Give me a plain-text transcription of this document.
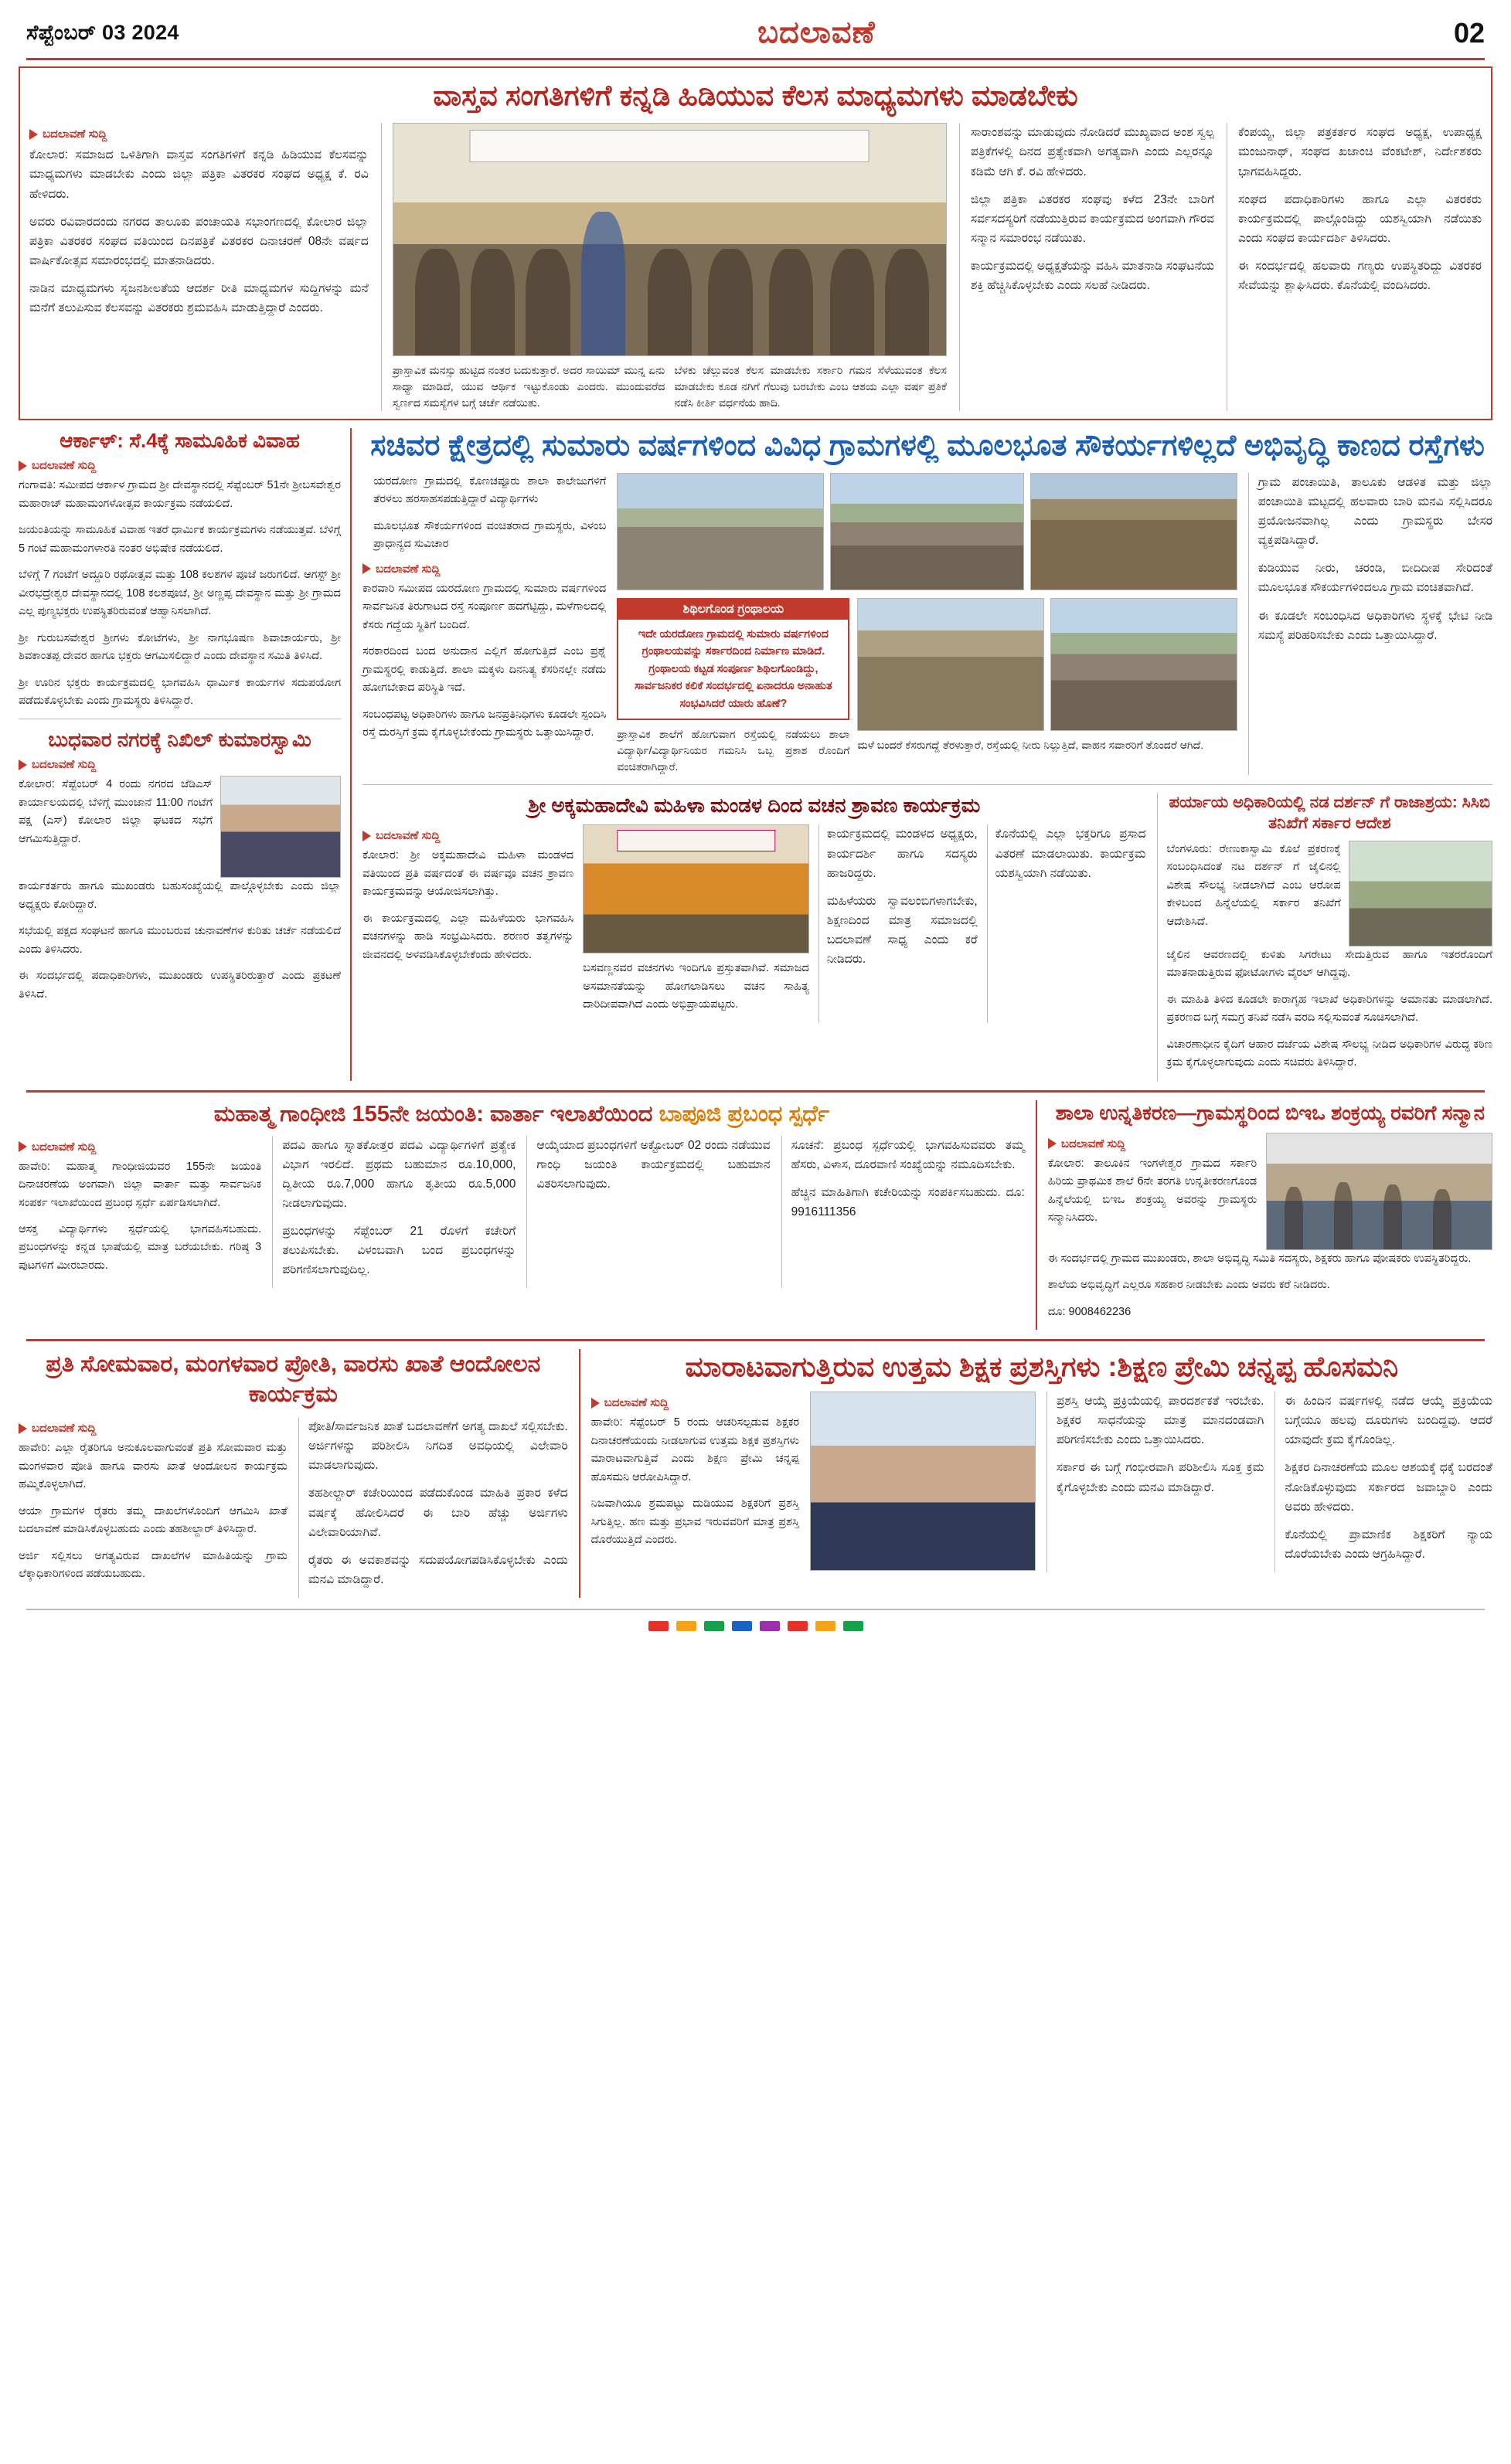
ಸೆಪ್ಟೆಂಬರ್ 03 2024	ಬದಲಾವಣೆ	02
ವಾಸ್ತವ ಸಂಗತಿಗಳಿಗೆ ಕನ್ನಡಿ ಹಿಡಿಯುವ ಕೆಲಸ ಮಾಧ್ಯಮಗಳು ಮಾಡಬೇಕು
ಬದಲಾವಣೆ ಸುದ್ದಿ

ಕೋಲಾರ: ಸಮಾಜದ ಒಳಿತಿಗಾಗಿ ವಾಸ್ತವ ಸಂಗತಿಗಳಿಗೆ ಕನ್ನಡಿ ಹಿಡಿಯುವ ಕೆಲಸವನ್ನು ಮಾಧ್ಯಮಗಳು ಮಾಡಬೇಕು ಎಂದು ಜಿಲ್ಲಾ ಪತ್ರಿಕಾ ವಿತರಕರ ಸಂಘದ ಅಧ್ಯಕ್ಷ ಕೆ. ರವಿ ಹೇಳಿದರು.

ಅವರು ರವಿವಾರದಂದು ನಗರದ ತಾಲೂಕು ಪಂಚಾಯತಿ ಸಭಾಂಗಣದಲ್ಲಿ ಕೋಲಾರ ಜಿಲ್ಲಾ ಪತ್ರಿಕಾ ವಿತರಕರ ಸಂಘದ ವತಿಯಿಂದ ದಿನಪತ್ರಿಕೆ ವಿತರಕರ ದಿನಾಚರಣೆ 08ನೇ ವರ್ಷದ ವಾರ್ಷಿಕೋತ್ಸವ ಸಮಾರಂಭದಲ್ಲಿ ಮಾತನಾಡಿದರು.

ನಾಡಿನ ಮಾಧ್ಯಮಗಳು ಸೃಜನಶೀಲತೆಯ ಆದರ್ಶ ರೀತಿ ಮಾಧ್ಯಮಗಳ ಸುದ್ದಿಗಳನ್ನು ಮನೆ ಮನೆಗೆ ತಲುಪಿಸುವ ಕೆಲಸವನ್ನು ವಿತರಕರು ಶ್ರಮವಹಿಸಿ ಮಾಡುತ್ತಿದ್ದಾರೆ ಎಂದರು.

ಪ್ರಾಸ್ತಾವಿಕ ಮನಸ್ಸು ಹುಟ್ಟಿದ ನಂತರ ಬದುಕುತ್ತಾರೆ. ಅದರ ಸಾಯಿಮ್ ಮುನ್ನ ಏನು ಸಾಧ್ಯಾ ಮಾಡಿದೆ, ಯುವ ಆರ್ಥಿಕ ಇಟ್ಟುಕೊಂಡು ಎಂದರು. ಮುಂದುವರೆದ ಸ್ವರ್ಣದ ಸಮಸ್ಯೆಗಳ ಬಗ್ಗೆ ಚರ್ಚೆ ನಡೆಯಿತು.
ಬೆಳಕು ಚೆಲ್ಲುವಂತ ಕೆಲಸ ಮಾಡಬೇಕು ಸರ್ಕಾರಿ ಗಮನ ಸೆಳೆಯುವಂತ ಕೆಲಸ ಮಾಡಬೇಕು ಕೂಡ ನಗಿಗೆ ಗೆಲುವು ಬರಬೇಕು ಎಂಬ ಆಶಯ ಎಲ್ಲಾ ವರ್ಷ ಪ್ರತಿಕೆ ನಡೆಸಿ ಕೀರ್ತಿ ವರ್ಧನೆಯ ಹಾದಿ.

ಸಾರಾಂಶವನ್ನು ಮಾಡುವುದು ನೋಡಿದರೆ ಮುಖ್ಯವಾದ ಅಂಶ ಸ್ವಲ್ಪ ಪತ್ರಿಕೆಗಳಲ್ಲಿ ದಿನದ ಪ್ರತ್ಯೇಕವಾಗಿ ಅಗತ್ಯವಾಗಿ ಎಂದು ಎಲ್ಲರನ್ನೂ ಕಡಿಮೆ ಆಗಿ ಕೆ. ರವಿ ಹೇಳಿದರು.

ಜಿಲ್ಲಾ ಪತ್ರಿಕಾ ವಿತರಕರ ಸಂಘವು ಕಳೆದ 23ನೇ ಬಾರಿಗೆ ಸರ್ವಸದಸ್ಯರಿಗೆ ನಡೆಯುತ್ತಿರುವ ಕಾರ್ಯಕ್ರಮದ ಅಂಗವಾಗಿ ಗೌರವ ಸನ್ಮಾನ ಸಮಾರಂಭ ನಡೆಯಿತು.

ಕಾರ್ಯಕ್ರಮದಲ್ಲಿ ಅಧ್ಯಕ್ಷತೆಯನ್ನು ವಹಿಸಿ ಮಾತನಾಡಿ ಸಂಘಟನೆಯ ಶಕ್ತಿ ಹೆಚ್ಚಿಸಿಕೊಳ್ಳಬೇಕು ಎಂದು ಸಲಹೆ ನೀಡಿದರು.

ಕೆಂಪಯ್ಯ, ಜಿಲ್ಲಾ ಪತ್ರಕರ್ತರ ಸಂಘದ ಅಧ್ಯಕ್ಷ, ಉಪಾಧ್ಯಕ್ಷ ಮಂಜುನಾಥ್, ಸಂಘದ ಖಜಾಂಚಿ ವೆಂಕಟೇಶ್, ನಿರ್ದೇಶಕರು ಭಾಗವಹಿಸಿದ್ದರು.

ಸಂಘದ ಪದಾಧಿಕಾರಿಗಳು ಹಾಗೂ ಎಲ್ಲಾ ವಿತರಕರು ಕಾರ್ಯಕ್ರಮದಲ್ಲಿ ಪಾಲ್ಗೊಂಡಿದ್ದು ಯಶಸ್ವಿಯಾಗಿ ನಡೆಯಿತು ಎಂದು ಸಂಘದ ಕಾರ್ಯದರ್ಶಿ ತಿಳಿಸಿದರು.

ಈ ಸಂದರ್ಭದಲ್ಲಿ ಹಲವಾರು ಗಣ್ಯರು ಉಪಸ್ಥಿತರಿದ್ದು ವಿತರಕರ ಸೇವೆಯನ್ನು ಶ್ಲಾಘಿಸಿದರು. ಕೊನೆಯಲ್ಲಿ ವಂದಿಸಿದರು.

ಆರ್ಕಾಳ್: ಸೆ.4ಕ್ಕೆ ಸಾಮೂಹಿಕ ವಿವಾಹ
ಬದಲಾವಣೆ ಸುದ್ದಿ

ಗಂಗಾವತಿ: ಸಮೀಪದ ಆರ್ಕಾಳ ಗ್ರಾಮದ ಶ್ರೀ ದೇವಸ್ಥಾನದಲ್ಲಿ ಸೆಪ್ಟೆಂಬರ್ 51ನೇ ಶ್ರೀಬಸವೇಶ್ವರ ಮಹಾರಾಜ್ ಮಹಾಮಂಗಳೋತ್ಸವ ಕಾರ್ಯಕ್ರಮ ನಡೆಯಲಿದೆ.

ಜಯಂತಿಯನ್ನು ಸಾಮೂಹಿಕ ವಿವಾಹ ಇತರೆ ಧಾರ್ಮಿಕ ಕಾರ್ಯಕ್ರಮಗಳು ನಡೆಯುತ್ತವೆ. ಬೆಳಿಗ್ಗೆ 5 ಗಂಟೆ ಮಹಾಮಂಗಳಾರತಿ ನಂತರ ಅಭಿಷೇಕ ನಡೆಯಲಿದೆ.

ಬೆಳಿಗ್ಗೆ 7 ಗಂಟೆಗೆ ಅದ್ದೂರಿ ರಥೋತ್ಸವ ಮತ್ತು 108 ಕಲಶಗಳ ಪೂಜೆ ಜರುಗಲಿದೆ. ಆಗಸ್ಟ್ ಶ್ರೀ ವೀರಭದ್ರೇಶ್ವರ ದೇವಸ್ಥಾನದಲ್ಲಿ 108 ಕಲಶಪೂಜೆ, ಶ್ರೀ ಅಣ್ಣಪ್ಪ ದೇವಸ್ಥಾನ ಮತ್ತು ಶ್ರೀ ಗ್ರಾಮದ ಎಲ್ಲ ಪುಣ್ಯಭಕ್ತರು ಉಪಸ್ಥಿತರಿರುವಂತೆ ಆಹ್ವಾನಿಸಲಾಗಿದೆ.

ಶ್ರೀ ಗುರುಬಸವೇಶ್ವರ ಶ್ರೀಗಳು ಕೋಟೆಗಳು, ಶ್ರೀ ನಾಗಭೂಷಣ ಶಿವಾಚಾರ್ಯರು, ಶ್ರೀ ಶಿವಕಾಂತಪ್ಪ ದೇವರ ಹಾಗೂ ಭಕ್ತರು ಆಗಮಿಸಲಿದ್ದಾರೆ ಎಂದು ದೇವಸ್ಥಾನ ಸಮಿತಿ ತಿಳಿಸಿದೆ.

ಶ್ರೀ ಊರಿನ ಭಕ್ತರು ಕಾರ್ಯಕ್ರಮದಲ್ಲಿ ಭಾಗವಹಿಸಿ ಧಾರ್ಮಿಕ ಕಾರ್ಯಗಳ ಸದುಪಯೋಗ ಪಡೆದುಕೊಳ್ಳಬೇಕು ಎಂದು ಗ್ರಾಮಸ್ಥರು ತಿಳಿಸಿದ್ದಾರೆ.

ಬುಧವಾರ ನಗರಕ್ಕೆ ನಿಖಿಲ್ ಕುಮಾರಸ್ವಾಮಿ
ಬದಲಾವಣೆ ಸುದ್ದಿ

ಕೋಲಾರ: ಸೆಪ್ಟೆಂಬರ್ 4 ರಂದು ನಗರದ ಜೆಡಿಎಸ್ ಕಾರ್ಯಾಲಯದಲ್ಲಿ ಬೆಳಿಗ್ಗೆ ಮುಂಜಾನೆ 11:00 ಗಂಟೆಗೆ ಪಕ್ಷ (ಎಸ್) ಕೋಲಾರ ಜಿಲ್ಲಾ ಘಟಕದ ಸಭೆಗೆ ಆಗಮಿಸುತ್ತಿದ್ದಾರೆ.

ಕಾರ್ಯಕರ್ತರು ಹಾಗೂ ಮುಖಂಡರು ಬಹುಸಂಖ್ಯೆಯಲ್ಲಿ ಪಾಲ್ಗೊಳ್ಳಬೇಕು ಎಂದು ಜಿಲ್ಲಾ ಅಧ್ಯಕ್ಷರು ಕೋರಿದ್ದಾರೆ.

ಸಭೆಯಲ್ಲಿ ಪಕ್ಷದ ಸಂಘಟನೆ ಹಾಗೂ ಮುಂಬರುವ ಚುನಾವಣೆಗಳ ಕುರಿತು ಚರ್ಚೆ ನಡೆಯಲಿದೆ ಎಂದು ತಿಳಿಸಿದರು.

ಈ ಸಂದರ್ಭದಲ್ಲಿ ಪದಾಧಿಕಾರಿಗಳು, ಮುಖಂಡರು ಉಪಸ್ಥಿತರಿರುತ್ತಾರೆ ಎಂದು ಪ್ರಕಟಣೆ ತಿಳಿಸಿದೆ.

ಸಚಿವರ ಕ್ಷೇತ್ರದಲ್ಲಿ ಸುಮಾರು ವರ್ಷಗಳಿಂದ ವಿವಿಧ ಗ್ರಾಮಗಳಲ್ಲಿ ಮೂಲಭೂತ ಸೌಕರ್ಯಗಳಿಲ್ಲದೆ ಅಭಿವೃದ್ಧಿ ಕಾಣದ ರಸ್ತೆಗಳು

ಯರದೋಣ ಗ್ರಾಮದಲ್ಲಿ ಕೊಣಚಪ್ಪೂರು ಶಾಲಾ ಕಾಲೇಜುಗಳಿಗೆ ತೆರಳಲು ಹರಸಾಹಸಪಡುತ್ತಿದ್ದಾರೆ ವಿದ್ಯಾರ್ಥಿಗಳು

ಮೂಲಭೂತ ಸೌಕರ್ಯಗಳಿಂದ ವಂಚಿತರಾದ ಗ್ರಾಮಸ್ಥರು, ವಿಳಂಬ ಪ್ರಾಧಾನ್ಯದ ಸುವಿಚಾರ

ಬದಲಾವಣೆ ಸುದ್ದಿ

ಕಾರವಾರಿ ಸಮೀಪದ ಯರದೋಣ ಗ್ರಾಮದಲ್ಲಿ ಸುಮಾರು ವರ್ಷಗಳಿಂದ ಸಾರ್ವಜನಿಕ ತಿರುಗಾಟದ ರಸ್ತೆ ಸಂಪೂರ್ಣ ಹದಗೆಟ್ಟಿದ್ದು, ಮಳೆಗಾಲದಲ್ಲಿ ಕೆಸರು ಗದ್ದೆಯ ಸ್ಥಿತಿಗೆ ಬಂದಿದೆ.

ಸರಕಾರದಿಂದ ಬಂದ ಅನುದಾನ ಎಲ್ಲಿಗೆ ಹೋಗುತ್ತಿದೆ ಎಂಬ ಪ್ರಶ್ನೆ ಗ್ರಾಮಸ್ಥರಲ್ಲಿ ಕಾಡುತ್ತಿದೆ. ಶಾಲಾ ಮಕ್ಕಳು ದಿನನಿತ್ಯ ಕೆಸರಿನಲ್ಲೇ ನಡೆದು ಹೋಗಬೇಕಾದ ಪರಿಸ್ಥಿತಿ ಇದೆ.

ಸಂಬಂಧಪಟ್ಟ ಅಧಿಕಾರಿಗಳು ಹಾಗೂ ಜನಪ್ರತಿನಿಧಿಗಳು ಕೂಡಲೇ ಸ್ಪಂದಿಸಿ ರಸ್ತೆ ದುರಸ್ತಿಗೆ ಕ್ರಮ ಕೈಗೊಳ್ಳಬೇಕೆಂದು ಗ್ರಾಮಸ್ಥರು ಒತ್ತಾಯಿಸಿದ್ದಾರೆ.

ಶಿಥಿಲಗೊಂಡ ಗ್ರಂಥಾಲಯ
ಇದೇ ಯರದೋಣ ಗ್ರಾಮದಲ್ಲಿ ಸುಮಾರು ವರ್ಷಗಳಿಂದ ಗ್ರಂಥಾಲಯವನ್ನು ಸರ್ಕಾರದಿಂದ ನಿರ್ಮಾಣ ಮಾಡಿದೆ. ಗ್ರಂಥಾಲಯ ಕಟ್ಟಡ ಸಂಪೂರ್ಣ ಶಿಥಿಲಗೊಂಡಿದ್ದು, ಸಾರ್ವಜನಿಕರ ಕಲಿಕೆ ಸಂದರ್ಭದಲ್ಲಿ ಏನಾದರೂ ಅನಾಹುತ ಸಂಭವಿಸಿದರೆ ಯಾರು ಹೊಣೆ?
ಪ್ರಾಸ್ತಾವಿಕ ಶಾಲೆಗೆ ಹೋಗುವಾಗ ರಸ್ತೆಯಲ್ಲಿ ನಡೆಯಲು ಶಾಲಾ ವಿದ್ಯಾರ್ಥಿ/ವಿದ್ಯಾರ್ಥಿನಿಯರ ಗಮನಿಸಿ ಒಬ್ಬ ಪ್ರಕಾಶ ರೊಂದಿಗೆ ವಂಚಿತರಾಗಿದ್ದಾರೆ.
ಮಳೆ ಬಂದರೆ ಕೆಸರುಗದ್ದೆ ತೆರಳುತ್ತಾರೆ, ರಸ್ತೆಯಲ್ಲಿ ನೀರು ನಿಲ್ಲುತ್ತಿದೆ, ವಾಹನ ಸವಾರರಿಗೆ ತೊಂದರೆ ಆಗಿದೆ.

ಗ್ರಾಮ ಪಂಚಾಯಿತಿ, ತಾಲೂಕು ಆಡಳಿತ ಮತ್ತು ಜಿಲ್ಲಾ ಪಂಚಾಯಿತಿ ಮಟ್ಟದಲ್ಲಿ ಹಲವಾರು ಬಾರಿ ಮನವಿ ಸಲ್ಲಿಸಿದರೂ ಪ್ರಯೋಜನವಾಗಿಲ್ಲ ಎಂದು ಗ್ರಾಮಸ್ಥರು ಬೇಸರ ವ್ಯಕ್ತಪಡಿಸಿದ್ದಾರೆ.

ಕುಡಿಯುವ ನೀರು, ಚರಂಡಿ, ಬೀದಿದೀಪ ಸೇರಿದಂತೆ ಮೂಲಭೂತ ಸೌಕರ್ಯಗಳಿಂದಲೂ ಗ್ರಾಮ ವಂಚಿತವಾಗಿದೆ.

ಈ ಕೂಡಲೇ ಸಂಬಂಧಿಸಿದ ಅಧಿಕಾರಿಗಳು ಸ್ಥಳಕ್ಕೆ ಭೇಟಿ ನೀಡಿ ಸಮಸ್ಯೆ ಪರಿಹರಿಸಬೇಕು ಎಂದು ಒತ್ತಾಯಿಸಿದ್ದಾರೆ.

ಶ್ರೀ ಅಕ್ಕಮಹಾದೇವಿ ಮಹಿಳಾ ಮಂಡಳ ದಿಂದ ವಚನ ಶ್ರಾವಣ ಕಾರ್ಯಕ್ರಮ
ಬದಲಾವಣೆ ಸುದ್ದಿ

ಕೋಲಾರ: ಶ್ರೀ ಅಕ್ಕಮಹಾದೇವಿ ಮಹಿಳಾ ಮಂಡಳದ ವತಿಯಿಂದ ಪ್ರತಿ ವರ್ಷದಂತೆ ಈ ವರ್ಷವೂ ವಚನ ಶ್ರಾವಣ ಕಾರ್ಯಕ್ರಮವನ್ನು ಆಯೋಜಿಸಲಾಗಿತ್ತು.

ಈ ಕಾರ್ಯಕ್ರಮದಲ್ಲಿ ಎಲ್ಲಾ ಮಹಿಳೆಯರು ಭಾಗವಹಿಸಿ ವಚನಗಳನ್ನು ಹಾಡಿ ಸಂಭ್ರಮಿಸಿದರು. ಶರಣರ ತತ್ವಗಳನ್ನು ಜೀವನದಲ್ಲಿ ಅಳವಡಿಸಿಕೊಳ್ಳಬೇಕೆಂದು ಹೇಳಿದರು.

ಬಸವಣ್ಣನವರ ವಚನಗಳು ಇಂದಿಗೂ ಪ್ರಸ್ತುತವಾಗಿವೆ. ಸಮಾಜದ ಅಸಮಾನತೆಯನ್ನು ಹೋಗಲಾಡಿಸಲು ವಚನ ಸಾಹಿತ್ಯ ದಾರಿದೀಪವಾಗಿದೆ ಎಂದು ಅಭಿಪ್ರಾಯಪಟ್ಟರು.

ಕಾರ್ಯಕ್ರಮದಲ್ಲಿ ಮಂಡಳದ ಅಧ್ಯಕ್ಷರು, ಕಾರ್ಯದರ್ಶಿ ಹಾಗೂ ಸದಸ್ಯರು ಹಾಜರಿದ್ದರು.

ಮಹಿಳೆಯರು ಸ್ವಾವಲಂಬಿಗಳಾಗಬೇಕು, ಶಿಕ್ಷಣದಿಂದ ಮಾತ್ರ ಸಮಾಜದಲ್ಲಿ ಬದಲಾವಣೆ ಸಾಧ್ಯ ಎಂದು ಕರೆ ನೀಡಿದರು.

ಕೊನೆಯಲ್ಲಿ ಎಲ್ಲಾ ಭಕ್ತರಿಗೂ ಪ್ರಸಾದ ವಿತರಣೆ ಮಾಡಲಾಯಿತು. ಕಾರ್ಯಕ್ರಮ ಯಶಸ್ವಿಯಾಗಿ ನಡೆಯಿತು.

ಪರ್ಯಾಯ ಅಧಿಕಾರಿಯಲ್ಲಿ ನಡ ದರ್ಶನ್ ಗೆ ರಾಜಾಶ್ರಯ: ಸಿಸಿಬಿ ತನಿಖೆಗೆ ಸರ್ಕಾರ ಆದೇಶ

ಬೆಂಗಳೂರು: ರೇಣುಕಾಸ್ವಾಮಿ ಕೊಲೆ ಪ್ರಕರಣಕ್ಕೆ ಸಂಬಂಧಿಸಿದಂತೆ ನಟ ದರ್ಶನ್ ಗೆ ಜೈಲಿನಲ್ಲಿ ವಿಶೇಷ ಸೌಲಭ್ಯ ನೀಡಲಾಗಿದೆ ಎಂಬ ಆರೋಪ ಕೇಳಿಬಂದ ಹಿನ್ನೆಲೆಯಲ್ಲಿ ಸರ್ಕಾರ ತನಿಖೆಗೆ ಆದೇಶಿಸಿದೆ.

ಜೈಲಿನ ಆವರಣದಲ್ಲಿ ಕುಳಿತು ಸಿಗರೇಟು ಸೇದುತ್ತಿರುವ ಹಾಗೂ ಇತರರೊಂದಿಗೆ ಮಾತನಾಡುತ್ತಿರುವ ಫೋಟೋಗಳು ವೈರಲ್ ಆಗಿದ್ದವು.

ಈ ಮಾಹಿತಿ ತಿಳಿದ ಕೂಡಲೇ ಕಾರಾಗೃಹ ಇಲಾಖೆ ಅಧಿಕಾರಿಗಳನ್ನು ಅಮಾನತು ಮಾಡಲಾಗಿದೆ. ಪ್ರಕರಣದ ಬಗ್ಗೆ ಸಮಗ್ರ ತನಿಖೆ ನಡೆಸಿ ವರದಿ ಸಲ್ಲಿಸುವಂತೆ ಸೂಚಿಸಲಾಗಿದೆ.

ವಿಚಾರಣಾಧೀನ ಕೈದಿಗೆ ಆಹಾರ ದರ್ಜೆಯ ವಿಶೇಷ ಸೌಲಭ್ಯ ನೀಡಿದ ಅಧಿಕಾರಿಗಳ ವಿರುದ್ಧ ಕಠಿಣ ಕ್ರಮ ಕೈಗೊಳ್ಳಲಾಗುವುದು ಎಂದು ಸಚಿವರು ತಿಳಿಸಿದ್ದಾರೆ.

ಮಹಾತ್ಮ ಗಾಂಧೀಜಿ 155ನೇ ಜಯಂತಿ: ವಾರ್ತಾ ಇಲಾಖೆಯಿಂದ ಬಾಪೂಜಿ ಪ್ರಬಂಧ ಸ್ಪರ್ಧೆ
ಬದಲಾವಣೆ ಸುದ್ದಿ

ಹಾವೇರಿ: ಮಹಾತ್ಮ ಗಾಂಧೀಜಿಯವರ 155ನೇ ಜಯಂತಿ ದಿನಾಚರಣೆಯ ಅಂಗವಾಗಿ ಜಿಲ್ಲಾ ವಾರ್ತಾ ಮತ್ತು ಸಾರ್ವಜನಿಕ ಸಂಪರ್ಕ ಇಲಾಖೆಯಿಂದ ಪ್ರಬಂಧ ಸ್ಪರ್ಧೆ ಏರ್ಪಡಿಸಲಾಗಿದೆ.

ಆಸಕ್ತ ವಿದ್ಯಾರ್ಥಿಗಳು ಸ್ಪರ್ಧೆಯಲ್ಲಿ ಭಾಗವಹಿಸಬಹುದು. ಪ್ರಬಂಧಗಳನ್ನು ಕನ್ನಡ ಭಾಷೆಯಲ್ಲಿ ಮಾತ್ರ ಬರೆಯಬೇಕು. ಗರಿಷ್ಠ 3 ಪುಟಗಳಿಗೆ ಮೀರಬಾರದು.

ಪದವಿ ಹಾಗೂ ಸ್ನಾತಕೋತ್ತರ ಪದವಿ ವಿದ್ಯಾರ್ಥಿಗಳಿಗೆ ಪ್ರತ್ಯೇಕ ವಿಭಾಗ ಇರಲಿದೆ. ಪ್ರಥಮ ಬಹುಮಾನ ರೂ.10,000, ದ್ವಿತೀಯ ರೂ.7,000 ಹಾಗೂ ತೃತೀಯ ರೂ.5,000 ನೀಡಲಾಗುವುದು.

ಪ್ರಬಂಧಗಳನ್ನು ಸೆಪ್ಟೆಂಬರ್ 21 ರೊಳಗೆ ಕಚೇರಿಗೆ ತಲುಪಿಸಬೇಕು. ವಿಳಂಬವಾಗಿ ಬಂದ ಪ್ರಬಂಧಗಳನ್ನು ಪರಿಗಣಿಸಲಾಗುವುದಿಲ್ಲ.

ಆಯ್ಕೆಯಾದ ಪ್ರಬಂಧಗಳಿಗೆ ಅಕ್ಟೋಬರ್ 02 ರಂದು ನಡೆಯುವ ಗಾಂಧಿ ಜಯಂತಿ ಕಾರ್ಯಕ್ರಮದಲ್ಲಿ ಬಹುಮಾನ ವಿತರಿಸಲಾಗುವುದು.

ಸೂಚನೆ: ಪ್ರಬಂಧ ಸ್ಪರ್ಧೆಯಲ್ಲಿ ಭಾಗವಹಿಸುವವರು ತಮ್ಮ ಹೆಸರು, ವಿಳಾಸ, ದೂರವಾಣಿ ಸಂಖ್ಯೆಯನ್ನು ನಮೂದಿಸಬೇಕು.

ಹೆಚ್ಚಿನ ಮಾಹಿತಿಗಾಗಿ ಕಚೇರಿಯನ್ನು ಸಂಪರ್ಕಿಸಬಹುದು. ದೂ: 9916111356

ಶಾಲಾ ಉನ್ನತಿಕರಣ—ಗ್ರಾಮಸ್ಥರಿಂದ ಬಿಇಒ ಶಂಕ್ರಯ್ಯ ರವರಿಗೆ ಸನ್ಮಾನ
ಬದಲಾವಣೆ ಸುದ್ದಿ

ಕೋಲಾರ: ತಾಲೂಕಿನ ಇಂಗಳೇಶ್ವರ ಗ್ರಾಮದ ಸರ್ಕಾರಿ ಹಿರಿಯ ಪ್ರಾಥಮಿಕ ಶಾಲೆ 6ನೇ ತರಗತಿ ಉನ್ನತೀಕರಣಗೊಂಡ ಹಿನ್ನೆಲೆಯಲ್ಲಿ ಬಿಇಒ ಶಂಕ್ರಯ್ಯ ಅವರನ್ನು ಗ್ರಾಮಸ್ಥರು ಸನ್ಮಾನಿಸಿದರು.

ಈ ಸಂದರ್ಭದಲ್ಲಿ ಗ್ರಾಮದ ಮುಖಂಡರು, ಶಾಲಾ ಅಭಿವೃದ್ಧಿ ಸಮಿತಿ ಸದಸ್ಯರು, ಶಿಕ್ಷಕರು ಹಾಗೂ ಪೋಷಕರು ಉಪಸ್ಥಿತರಿದ್ದರು.

ಶಾಲೆಯ ಅಭಿವೃದ್ಧಿಗೆ ಎಲ್ಲರೂ ಸಹಕಾರ ನೀಡಬೇಕು ಎಂದು ಅವರು ಕರೆ ನೀಡಿದರು.

ದೂ: 9008462236

ಪ್ರತಿ ಸೋಮವಾರ, ಮಂಗಳವಾರ ಪ್ರೋತಿ, ವಾರಸು ಖಾತೆ ಆಂದೋಲನ ಕಾರ್ಯಕ್ರಮ
ಬದಲಾವಣೆ ಸುದ್ದಿ

ಹಾವೇರಿ: ಎಲ್ಲಾ ರೈತರಿಗೂ ಅನುಕೂಲವಾಗುವಂತೆ ಪ್ರತಿ ಸೋಮವಾರ ಮತ್ತು ಮಂಗಳವಾರ ಪೋತಿ ಹಾಗೂ ವಾರಸು ಖಾತೆ ಆಂದೋಲನ ಕಾರ್ಯಕ್ರಮ ಹಮ್ಮಿಕೊಳ್ಳಲಾಗಿದೆ.

ಆಯಾ ಗ್ರಾಮಗಳ ರೈತರು ತಮ್ಮ ದಾಖಲೆಗಳೊಂದಿಗೆ ಆಗಮಿಸಿ ಖಾತೆ ಬದಲಾವಣೆ ಮಾಡಿಸಿಕೊಳ್ಳಬಹುದು ಎಂದು ತಹಶೀಲ್ದಾರ್ ತಿಳಿಸಿದ್ದಾರೆ.

ಅರ್ಜಿ ಸಲ್ಲಿಸಲು ಅಗತ್ಯವಿರುವ ದಾಖಲೆಗಳ ಮಾಹಿತಿಯನ್ನು ಗ್ರಾಮ ಲೆಕ್ಕಾಧಿಕಾರಿಗಳಿಂದ ಪಡೆಯಬಹುದು.

ಪೋತಿ/ಸಾರ್ವಜನಿಕ ಖಾತೆ ಬದಲಾವಣೆಗೆ ಅಗತ್ಯ ದಾಖಲೆ ಸಲ್ಲಿಸಬೇಕು. ಅರ್ಜಿಗಳನ್ನು ಪರಿಶೀಲಿಸಿ ನಿಗದಿತ ಅವಧಿಯಲ್ಲಿ ವಿಲೇವಾರಿ ಮಾಡಲಾಗುವುದು.

ತಹಶೀಲ್ದಾರ್ ಕಚೇರಿಯಿಂದ ಪಡೆದುಕೊಂಡ ಮಾಹಿತಿ ಪ್ರಕಾರ ಕಳೆದ ವರ್ಷಕ್ಕೆ ಹೋಲಿಸಿದರೆ ಈ ಬಾರಿ ಹೆಚ್ಚು ಅರ್ಜಿಗಳು ವಿಲೇವಾರಿಯಾಗಿವೆ.

ರೈತರು ಈ ಅವಕಾಶವನ್ನು ಸದುಪಯೋಗಪಡಿಸಿಕೊಳ್ಳಬೇಕು ಎಂದು ಮನವಿ ಮಾಡಿದ್ದಾರೆ.

ಮಾರಾಟವಾಗುತ್ತಿರುವ ಉತ್ತಮ ಶಿಕ್ಷಕ ಪ್ರಶಸ್ತಿಗಳು :ಶಿಕ್ಷಣ ಪ್ರೇಮಿ ಚನ್ನಪ್ಪ ಹೊಸಮನಿ
ಬದಲಾವಣೆ ಸುದ್ದಿ

ಹಾವೇರಿ: ಸೆಪ್ಟೆಂಬರ್ 5 ರಂದು ಆಚರಿಸಲ್ಪಡುವ ಶಿಕ್ಷಕರ ದಿನಾಚರಣೆಯಂದು ನೀಡಲಾಗುವ ಉತ್ತಮ ಶಿಕ್ಷಕ ಪ್ರಶಸ್ತಿಗಳು ಮಾರಾಟವಾಗುತ್ತಿವೆ ಎಂದು ಶಿಕ್ಷಣ ಪ್ರೇಮಿ ಚನ್ನಪ್ಪ ಹೊಸಮನಿ ಆರೋಪಿಸಿದ್ದಾರೆ.

ನಿಜವಾಗಿಯೂ ಶ್ರಮಪಟ್ಟು ದುಡಿಯುವ ಶಿಕ್ಷಕರಿಗೆ ಪ್ರಶಸ್ತಿ ಸಿಗುತ್ತಿಲ್ಲ. ಹಣ ಮತ್ತು ಪ್ರಭಾವ ಇರುವವರಿಗೆ ಮಾತ್ರ ಪ್ರಶಸ್ತಿ ದೊರೆಯುತ್ತಿದೆ ಎಂದರು.

ಪ್ರಶಸ್ತಿ ಆಯ್ಕೆ ಪ್ರಕ್ರಿಯೆಯಲ್ಲಿ ಪಾರದರ್ಶಕತೆ ಇರಬೇಕು. ಶಿಕ್ಷಕರ ಸಾಧನೆಯನ್ನು ಮಾತ್ರ ಮಾನದಂಡವಾಗಿ ಪರಿಗಣಿಸಬೇಕು ಎಂದು ಒತ್ತಾಯಿಸಿದರು.

ಸರ್ಕಾರ ಈ ಬಗ್ಗೆ ಗಂಭೀರವಾಗಿ ಪರಿಶೀಲಿಸಿ ಸೂಕ್ತ ಕ್ರಮ ಕೈಗೊಳ್ಳಬೇಕು ಎಂದು ಮನವಿ ಮಾಡಿದ್ದಾರೆ.

ಈ ಹಿಂದಿನ ವರ್ಷಗಳಲ್ಲಿ ನಡೆದ ಆಯ್ಕೆ ಪ್ರಕ್ರಿಯೆಯ ಬಗ್ಗೆಯೂ ಹಲವು ದೂರುಗಳು ಬಂದಿದ್ದವು. ಆದರೆ ಯಾವುದೇ ಕ್ರಮ ಕೈಗೊಂಡಿಲ್ಲ.

ಶಿಕ್ಷಕರ ದಿನಾಚರಣೆಯ ಮೂಲ ಆಶಯಕ್ಕೆ ಧಕ್ಕೆ ಬರದಂತೆ ನೋಡಿಕೊಳ್ಳುವುದು ಸರ್ಕಾರದ ಜವಾಬ್ದಾರಿ ಎಂದು ಅವರು ಹೇಳಿದರು.

ಕೊನೆಯಲ್ಲಿ ಪ್ರಾಮಾಣಿಕ ಶಿಕ್ಷಕರಿಗೆ ನ್ಯಾಯ ದೊರೆಯಬೇಕು ಎಂದು ಆಗ್ರಹಿಸಿದ್ದಾರೆ.
